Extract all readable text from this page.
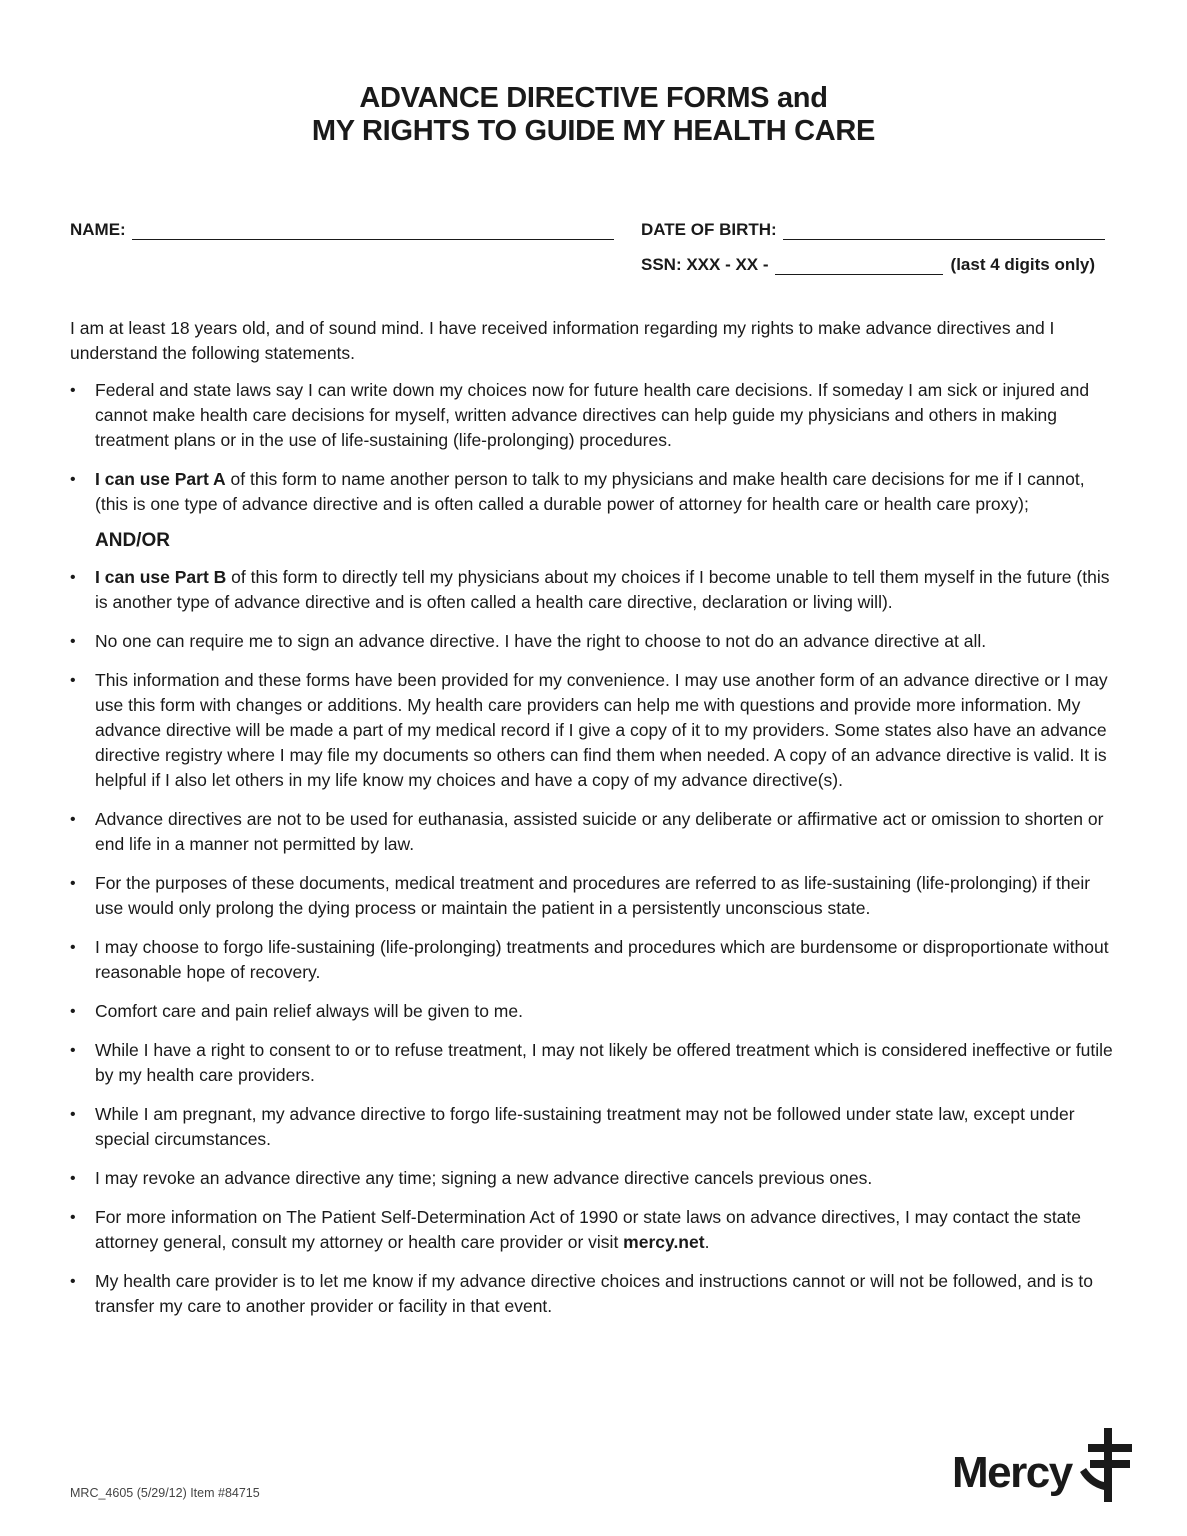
ADVANCE DIRECTIVE FORMS and
MY RIGHTS TO GUIDE MY HEALTH CARE
NAME:	DATE OF BIRTH:
SSN: XXX - XX -	(last 4 digits only)
I am at least 18 years old, and of sound mind. I have received information regarding my rights to make advance directives and I understand the following statements.
• Federal and state laws say I can write down my choices now for future health care decisions. If someday I am sick or injured and cannot make health care decisions for myself, written advance directives can help guide my physicians and others in making treatment plans or in the use of life-sustaining (life-prolonging) procedures.
• I can use Part A of this form to name another person to talk to my physicians and make health care decisions for me if I cannot, (this is one type of advance directive and is often called a durable power of attorney for health care or health care proxy);
AND/OR
• I can use Part B of this form to directly tell my physicians about my choices if I become unable to tell them myself in the future (this is another type of advance directive and is often called a health care directive, declaration or living will).
• No one can require me to sign an advance directive. I have the right to choose to not do an advance directive at all.
• This information and these forms have been provided for my convenience. I may use another form of an advance directive or I may use this form with changes or additions. My health care providers can help me with questions and provide more information. My advance directive will be made a part of my medical record if I give a copy of it to my providers. Some states also have an advance directive registry where I may file my documents so others can find them when needed. A copy of an advance directive is valid. It is helpful if I also let others in my life know my choices and have a copy of my advance directive(s).
• Advance directives are not to be used for euthanasia, assisted suicide or any deliberate or affirmative act or omission to shorten or end life in a manner not permitted by law.
• For the purposes of these documents, medical treatment and procedures are referred to as life-sustaining (life-prolonging) if their use would only prolong the dying process or maintain the patient in a persistently unconscious state.
• I may choose to forgo life-sustaining (life-prolonging) treatments and procedures which are burdensome or disproportionate without reasonable hope of recovery.
• Comfort care and pain relief always will be given to me.
• While I have a right to consent to or to refuse treatment, I may not likely be offered treatment which is considered ineffective or futile by my health care providers.
• While I am pregnant, my advance directive to forgo life-sustaining treatment may not be followed under state law, except under special circumstances.
• I may revoke an advance directive any time; signing a new advance directive cancels previous ones.
• For more information on The Patient Self-Determination Act of 1990 or state laws on advance directives, I may contact the state attorney general, consult my attorney or health care provider or visit mercy.net.
• My health care provider is to let me know if my advance directive choices and instructions cannot or will not be followed, and is to transfer my care to another provider or facility in that event.
MRC_4605 (5/29/12) Item #84715	Mercy
